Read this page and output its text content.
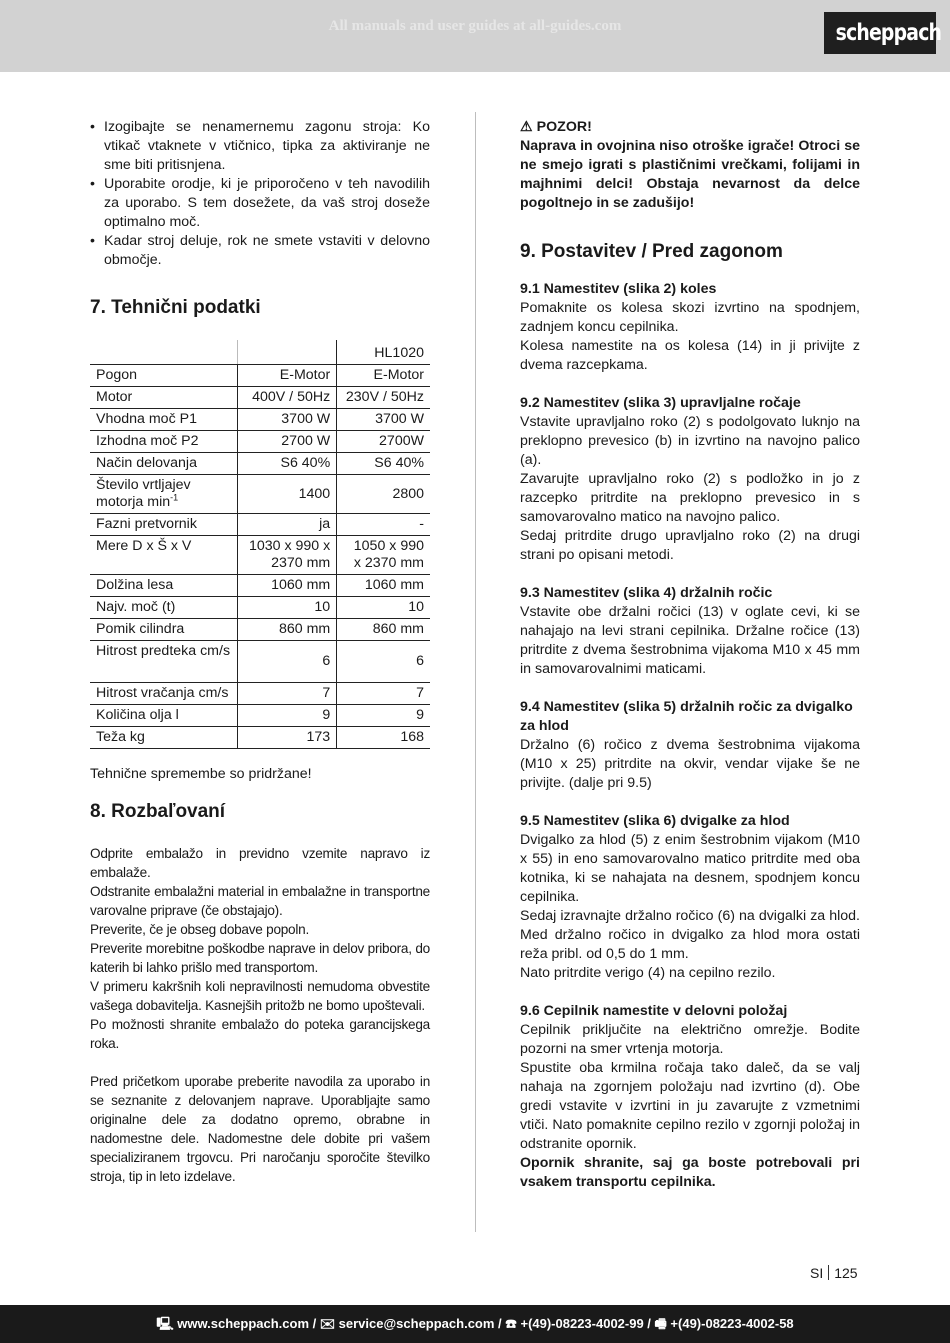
All manuals and user guides at all-guides.com	scheppach
• Izogibajte se nenamernemu zagonu stroja: Ko vtikač vtaknete v vtičnico, tipka za aktiviranje ne sme biti pritisnjena.
• Uporabite orodje, ki je priporočeno v teh navodilih za uporabo. S tem dosežete, da vaš stroj doseže optimalno moč.
• Kadar stroj deluje, rok ne smete vstaviti v delovno območje.
7. Tehnični podatki
		HL1020
Pogon	E-Motor	E-Motor
Motor	400V / 50Hz	230V / 50Hz
Vhodna moč P1	3700 W	3700 W
Izhodna moč P2	2700 W	2700W
Način delovanja	S6 40%	S6 40%
Število vrtljajev motorja $\min^{-1}$	1400	2800
Fazni pretvornik	ja	-
Mere D x Š x V	1030 x 990 x 2370 mm	1050 x 990 x 2370 mm
Dolžina lesa	1060 mm	1060 mm
Najv. moč (t)	10	10
Pomik cilindra	860 mm	860 mm
Hitrost predteka cm/s	6	6
Hitrost vračanja cm/s	7	7
Količina olja l	9	9
Teža kg	173	168
Tehnične spremembe so pridržane!
8. Rozbaľovaní
Odprite embalažo in previdno vzemite napravo iz embalaže.
Odstranite embalažni material in embalažne in transportne varovalne priprave (če obstajajo).
Preverite, če je obseg dobave popoln.
Preverite morebitne poškodbe naprave in delov pribora, do katerih bi lahko prišlo med transportom.
V primeru kakršnih koli nepravilnosti nemudoma obvestite vašega dobavitelja. Kasnejših pritožb ne bomo upoštevali.
Po možnosti shranite embalažo do poteka garancijskega roka.
Pred pričetkom uporabe preberite navodila za uporabo in se seznanite z delovanjem naprave. Uporabljajte samo originalne dele za dodatno opremo, obrabne in nadomestne dele. Nadomestne dele dobite pri vašem specializiranem trgovcu. Pri naročanju sporočite številko stroja, tip in leto izdelave.
⚠ POZOR!
Naprava in ovojnina niso otroške igrače! Otroci se ne smejo igrati s plastičnimi vrečkami, folijami in majhnimi delci! Obstaja nevarnost da delce pogoltnejo in se zadušijo!
9. Postavitev / Pred zagonom
9.1 Namestitev (slika 2) koles
Pomaknite os kolesa skozi izvrtino na spodnjem, zadnjem koncu cepilnika.
Kolesa namestite na os kolesa (14) in ji privijte z dvema razcepkama.
9.2 Namestitev (slika 3) upravljalne ročaje
Vstavite upravljalno roko (2) s podolgovato luknjo na preklopno prevesico (b) in izvrtino na navojno palico (a).
Zavarujte upravljalno roko (2) s podložko in jo z razcepko pritrdite na preklopno prevesico in s samovarovalno matico na navojno palico.
Sedaj pritrdite drugo upravljalno roko (2) na drugi strani po opisani metodi.
9.3 Namestitev (slika 4) držalnih ročic
Vstavite obe držalni ročici (13) v oglate cevi, ki se nahajajo na levi strani cepilnika. Držalne ročice (13) pritrdite z dvema šestrobnima vijakoma M10 x 45 mm in samovarovalnimi maticami.
9.4 Namestitev (slika 5) držalnih ročic za dvigalko za hlod
Držalno (6) ročico z dvema šestrobnima vijakoma (M10 x 25) pritrdite na okvir, vendar vijake še ne privijte. (dalje pri 9.5)
9.5 Namestitev (slika 6) dvigalke za hlod
Dvigalko za hlod (5) z enim šestrobnim vijakom (M10 x 55) in eno samovarovalno matico pritrdite med oba kotnika, ki se nahajata na desnem, spodnjem koncu cepilnika.
Sedaj izravnajte držalno ročico (6) na dvigalki za hlod. Med držalno ročico in dvigalko za hlod mora ostati reža pribl. od 0,5 do 1 mm.
Nato pritrdite verigo (4) na cepilno rezilo.
9.6 Cepilnik namestite v delovni položaj
Cepilnik priključite na električno omrežje. Bodite pozorni na smer vrtenja motorja.
Spustite oba krmilna ročaja tako daleč, da se valj nahaja na zgornjem položaju nad izvrtino (d). Obe gredi vstavite v izvrtini in ju zavarujte z vzmetnimi vtiči. Nato pomaknite cepilno rezilo v zgornji položaj in odstranite opornik.
Opornik shranite, saj ga boste potrebovali pri vsakem transportu cepilnika.
SI 125
🖳 www.scheppach.com / ✉ service@scheppach.com / ☎ +(49)-08223-4002-99 / 🖷 +(49)-08223-4002-58
